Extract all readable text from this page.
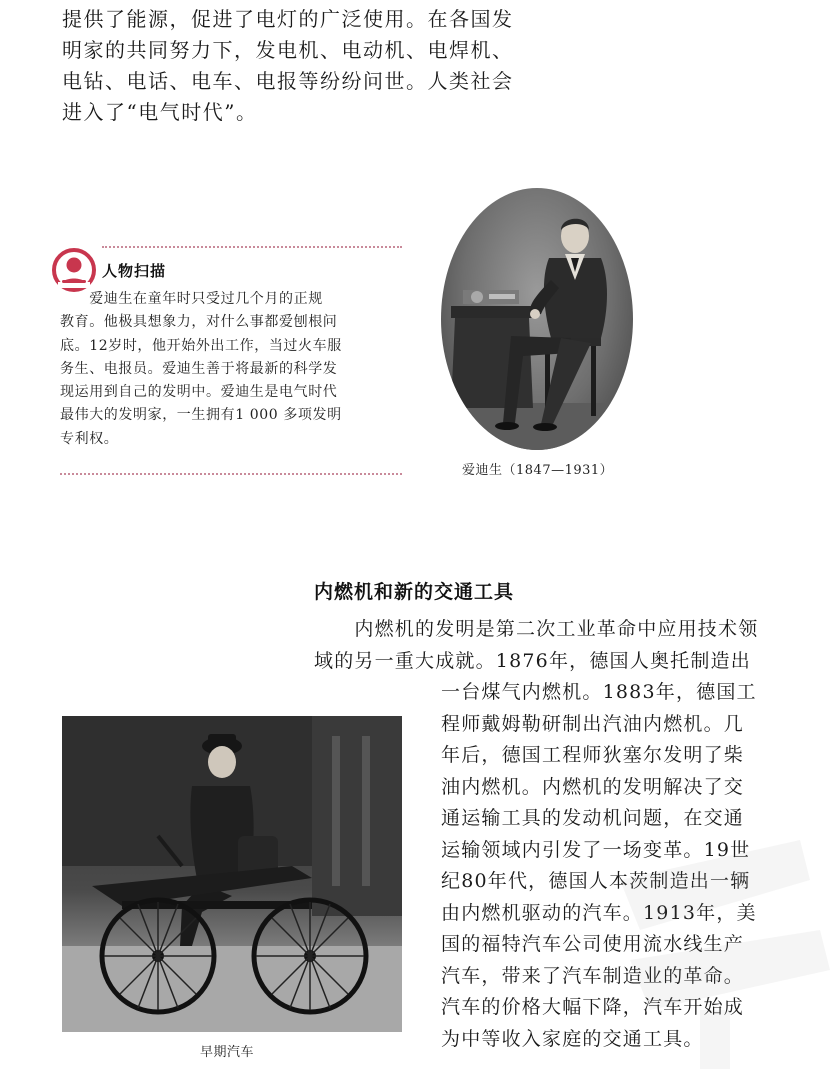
提供了能源，促进了电灯的广泛使用。在各国发

明家的共同努力下，发电机、电动机、电焊机、

电钻、电话、电车、电报等纷纷问世。人类社会

进入了“电气时代”。

人物扫描

　　爱迪生在童年时只受过几个月的正规

教育。他极具想象力，对什么事都爱刨根问

底。12岁时，他开始外出工作，当过火车服

务生、电报员。爱迪生善于将最新的科学发

现运用到自己的发明中。爱迪生是电气时代

最伟大的发明家，一生拥有1 000 多项发明

专利权。

爱迪生（1847—1931）
内燃机和新的交通工具
　　内燃机的发明是第二次工业革命中应用技术领
域的另一重大成就。1876年，德国人奥托制造出
一台煤气内燃机。1883年，德国工
程师戴姆勒研制出汽油内燃机。几
年后，德国工程师狄塞尔发明了柴
油内燃机。内燃机的发明解决了交
通运输工具的发动机问题，在交通
运输领域内引发了一场变革。19世
纪80年代，德国人本茨制造出一辆
由内燃机驱动的汽车。1913年，美
国的福特汽车公司使用流水线生产
汽车，带来了汽车制造业的革命。
汽车的价格大幅下降，汽车开始成
为中等收入家庭的交通工具。
早期汽车
